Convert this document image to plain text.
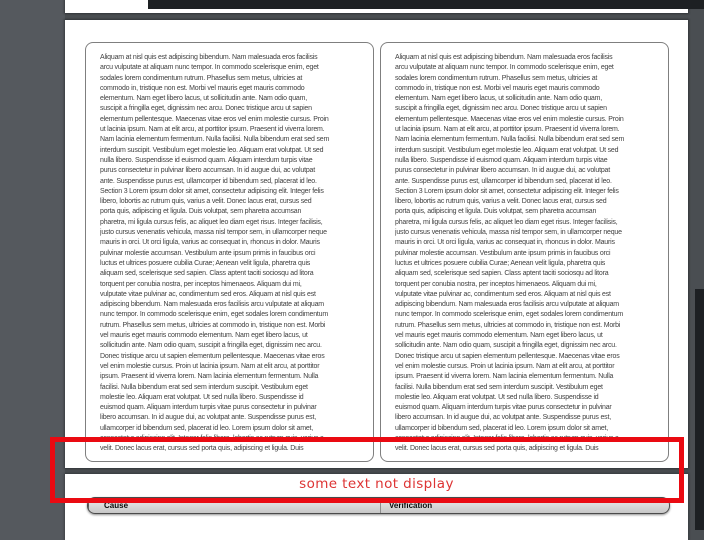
Aliquam at nisl quis est adipiscing bibendum. Nam malesuada eros facilisis
arcu vulputate at aliquam nunc tempor. In commodo scelerisque enim, eget
sodales lorem condimentum rutrum. Phasellus sem metus, ultricies at
commodo in, tristique non est. Morbi vel mauris eget mauris commodo
elementum. Nam eget libero lacus, ut sollicitudin ante. Nam odio quam,
suscipit a fringilla eget, dignissim nec arcu. Donec tristique arcu ut sapien
elementum pellentesque. Maecenas vitae eros vel enim molestie cursus. Proin
ut lacinia ipsum. Nam at elit arcu, at porttitor ipsum. Praesent id viverra lorem.
Nam lacinia elementum fermentum. Nulla facilisi. Nulla bibendum erat sed sem
interdum suscipit. Vestibulum eget molestie leo. Aliquam erat volutpat. Ut sed
nulla libero. Suspendisse id euismod quam. Aliquam interdum turpis vitae
purus consectetur in pulvinar libero accumsan. In id augue dui, ac volutpat
ante. Suspendisse purus est, ullamcorper id bibendum sed, placerat id leo.
Section 3 Lorem ipsum dolor sit amet, consectetur adipiscing elit. Integer felis
libero, lobortis ac rutrum quis, varius a velit. Donec lacus erat, cursus sed
porta quis, adipiscing et ligula. Duis volutpat, sem pharetra accumsan
pharetra, mi ligula cursus felis, ac aliquet leo diam eget risus. Integer facilisis,
justo cursus venenatis vehicula, massa nisl tempor sem, in ullamcorper neque
mauris in orci. Ut orci ligula, varius ac consequat in, rhoncus in dolor. Mauris
pulvinar molestie accumsan. Vestibulum ante ipsum primis in faucibus orci
luctus et ultrices posuere cubilia Curae; Aenean velit ligula, pharetra quis
aliquam sed, scelerisque sed sapien. Class aptent taciti sociosqu ad litora
torquent per conubia nostra, per inceptos himenaeos. Aliquam dui mi,
vulputate vitae pulvinar ac, condimentum sed eros. Aliquam at nisl quis est
adipiscing bibendum. Nam malesuada eros facilisis arcu vulputate at aliquam
nunc tempor. In commodo scelerisque enim, eget sodales lorem condimentum
rutrum. Phasellus sem metus, ultricies at commodo in, tristique non est. Morbi
vel mauris eget mauris commodo elementum. Nam eget libero lacus, ut
sollicitudin ante. Nam odio quam, suscipit a fringilla eget, dignissim nec arcu.
Donec tristique arcu ut sapien elementum pellentesque. Maecenas vitae eros
vel enim molestie cursus. Proin ut lacinia ipsum. Nam at elit arcu, at porttitor
ipsum. Praesent id viverra lorem. Nam lacinia elementum fermentum. Nulla
facilisi. Nulla bibendum erat sed sem interdum suscipit. Vestibulum eget
molestie leo. Aliquam erat volutpat. Ut sed nulla libero. Suspendisse id
euismod quam. Aliquam interdum turpis vitae purus consectetur in pulvinar
libero accumsan. In id augue dui, ac volutpat ante. Suspendisse purus est,
ullamcorper id bibendum sed, placerat id leo. Lorem ipsum dolor sit amet,
consectetur adipiscing elit. Integer felis libero, lobortis ac rutrum quis, varius a
velit. Donec lacus erat, cursus sed porta quis, adipiscing et ligula. Duis
Aliquam at nisl quis est adipiscing bibendum. Nam malesuada eros facilisis
arcu vulputate at aliquam nunc tempor. In commodo scelerisque enim, eget
sodales lorem condimentum rutrum. Phasellus sem metus, ultricies at
commodo in, tristique non est. Morbi vel mauris eget mauris commodo
elementum. Nam eget libero lacus, ut sollicitudin ante. Nam odio quam,
suscipit a fringilla eget, dignissim nec arcu. Donec tristique arcu ut sapien
elementum pellentesque. Maecenas vitae eros vel enim molestie cursus. Proin
ut lacinia ipsum. Nam at elit arcu, at porttitor ipsum. Praesent id viverra lorem.
Nam lacinia elementum fermentum. Nulla facilisi. Nulla bibendum erat sed sem
interdum suscipit. Vestibulum eget molestie leo. Aliquam erat volutpat. Ut sed
nulla libero. Suspendisse id euismod quam. Aliquam interdum turpis vitae
purus consectetur in pulvinar libero accumsan. In id augue dui, ac volutpat
ante. Suspendisse purus est, ullamcorper id bibendum sed, placerat id leo.
Section 3 Lorem ipsum dolor sit amet, consectetur adipiscing elit. Integer felis
libero, lobortis ac rutrum quis, varius a velit. Donec lacus erat, cursus sed
porta quis, adipiscing et ligula. Duis volutpat, sem pharetra accumsan
pharetra, mi ligula cursus felis, ac aliquet leo diam eget risus. Integer facilisis,
justo cursus venenatis vehicula, massa nisl tempor sem, in ullamcorper neque
mauris in orci. Ut orci ligula, varius ac consequat in, rhoncus in dolor. Mauris
pulvinar molestie accumsan. Vestibulum ante ipsum primis in faucibus orci
luctus et ultrices posuere cubilia Curae; Aenean velit ligula, pharetra quis
aliquam sed, scelerisque sed sapien. Class aptent taciti sociosqu ad litora
torquent per conubia nostra, per inceptos himenaeos. Aliquam dui mi,
vulputate vitae pulvinar ac, condimentum sed eros. Aliquam at nisl quis est
adipiscing bibendum. Nam malesuada eros facilisis arcu vulputate at aliquam
nunc tempor. In commodo scelerisque enim, eget sodales lorem condimentum
rutrum. Phasellus sem metus, ultricies at commodo in, tristique non est. Morbi
vel mauris eget mauris commodo elementum. Nam eget libero lacus, ut
sollicitudin ante. Nam odio quam, suscipit a fringilla eget, dignissim nec arcu.
Donec tristique arcu ut sapien elementum pellentesque. Maecenas vitae eros
vel enim molestie cursus. Proin ut lacinia ipsum. Nam at elit arcu, at porttitor
ipsum. Praesent id viverra lorem. Nam lacinia elementum fermentum. Nulla
facilisi. Nulla bibendum erat sed sem interdum suscipit. Vestibulum eget
molestie leo. Aliquam erat volutpat. Ut sed nulla libero. Suspendisse id
euismod quam. Aliquam interdum turpis vitae purus consectetur in pulvinar
libero accumsan. In id augue dui, ac volutpat ante. Suspendisse purus est,
ullamcorper id bibendum sed, placerat id leo. Lorem ipsum dolor sit amet,
consectetur adipiscing elit. Integer felis libero, lobortis ac rutrum quis, varius a
velit. Donec lacus erat, cursus sed porta quis, adipiscing et ligula. Duis
some text not display
Cause	Verification
